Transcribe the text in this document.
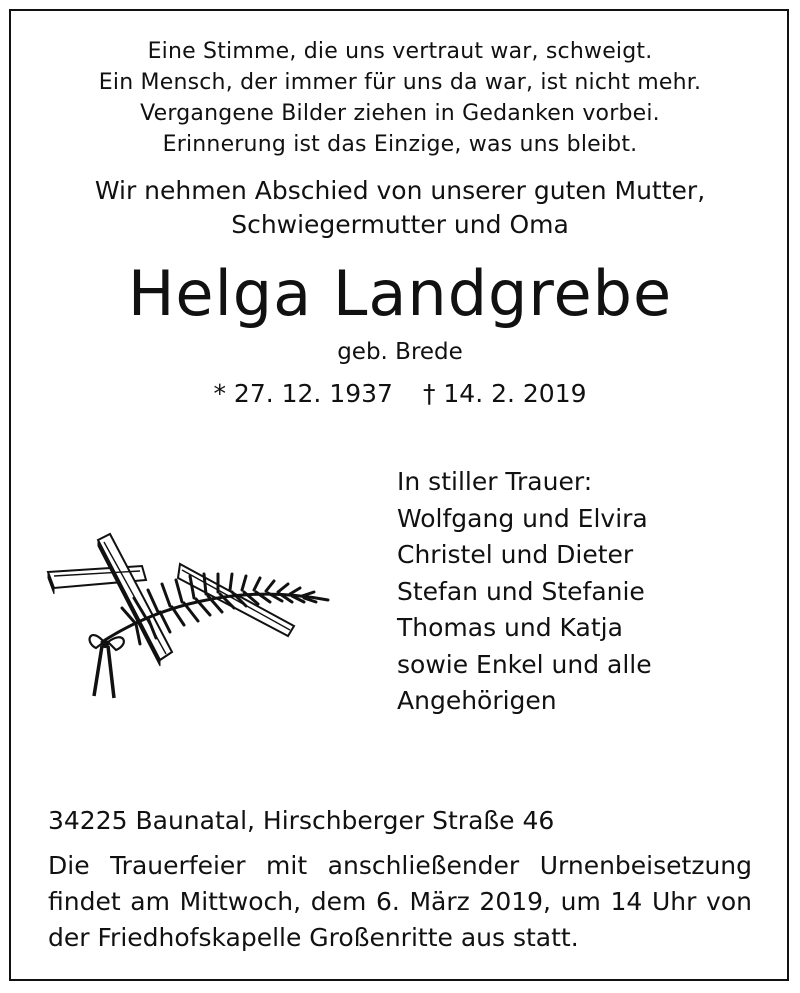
Eine Stimme, die uns vertraut war, schweigt.
Ein Mensch, der immer für uns da war, ist nicht mehr.
Vergangene Bilder ziehen in Gedanken vorbei.
Erinnerung ist das Einzige, was uns bleibt.
Wir nehmen Abschied von unserer guten Mutter,
Schwiegermutter und Oma
Helga Landgrebe
geb. Brede
* 27. 12. 1937 † 14. 2. 2019
In stiller Trauer:
Wolfgang und Elvira
Christel und Dieter
Stefan und Stefanie
Thomas und Katja
sowie Enkel und alle
Angehörigen
34225 Baunatal, Hirschberger Straße 46
Die Trauerfeier mit anschließender Urnenbeisetzung findet am Mittwoch, dem 6. März 2019, um 14 Uhr von der Friedhofskapelle Großenritte aus statt.
